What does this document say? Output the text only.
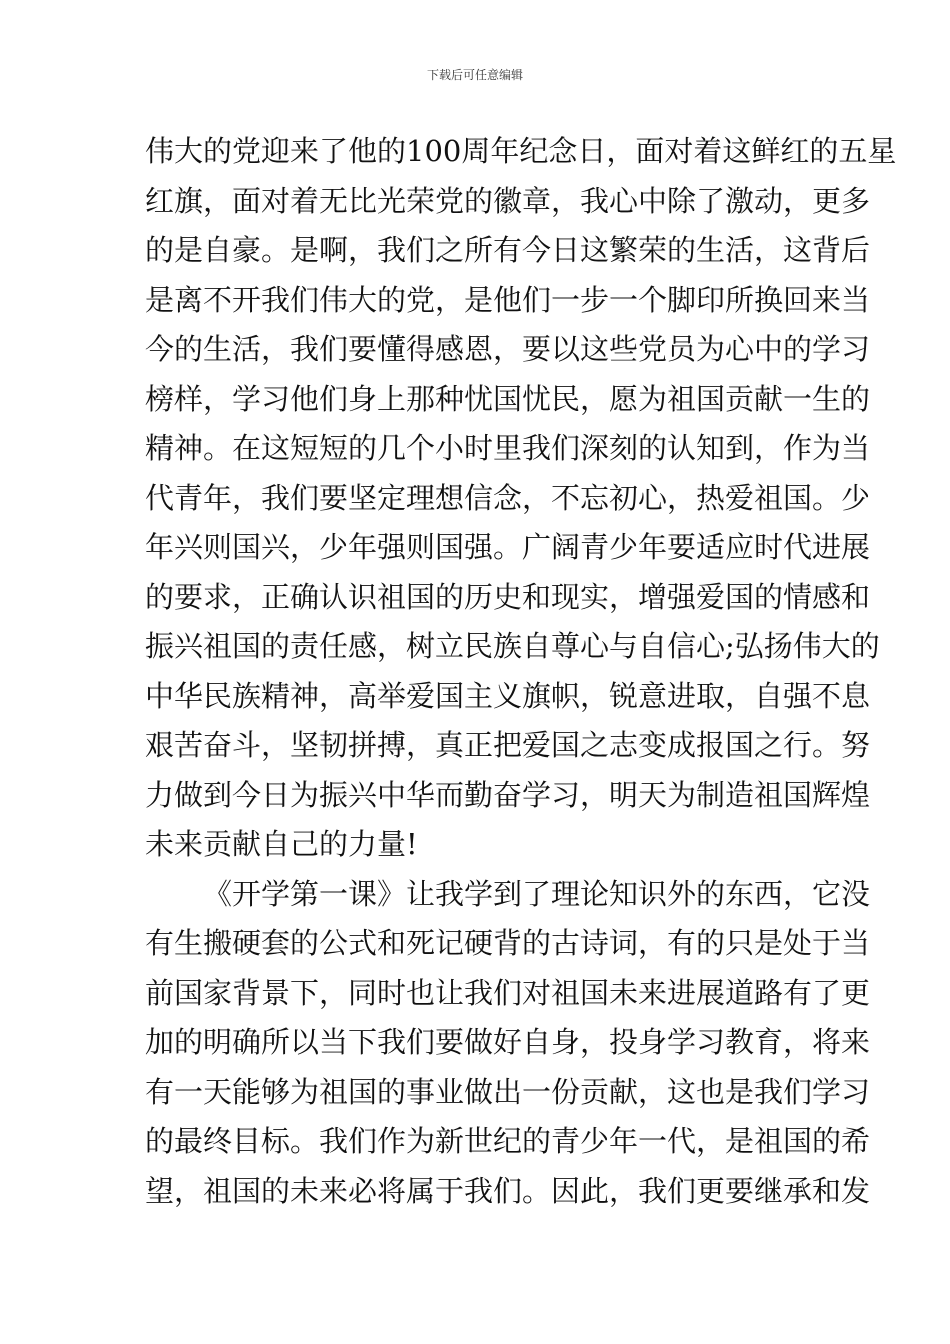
下载后可任意编辑
伟大的党迎来了他的100周年纪念日，面对着这鲜红的五星
红旗，面对着无比光荣党的徽章，我心中除了激动，更多
的是自豪。是啊，我们之所有今日这繁荣的生活，这背后
是离不开我们伟大的党，是他们一步一个脚印所换回来当
今的生活，我们要懂得感恩，要以这些党员为心中的学习
榜样，学习他们身上那种忧国忧民，愿为祖国贡献一生的
精神。在这短短的几个小时里我们深刻的认知到，作为当
代青年，我们要坚定理想信念，不忘初心，热爱祖国。少
年兴则国兴，少年强则国强。广阔青少年要适应时代进展
的要求，正确认识祖国的历史和现实，增强爱国的情感和
振兴祖国的责任感，树立民族自尊心与自信心;弘扬伟大的
中华民族精神，高举爱国主义旗帜，锐意进取，自强不息
艰苦奋斗，坚韧拼搏，真正把爱国之志变成报国之行。努
力做到今日为振兴中华而勤奋学习，明天为制造祖国辉煌
未来贡献自己的力量!
《开学第一课》让我学到了理论知识外的东西，它没
有生搬硬套的公式和死记硬背的古诗词，有的只是处于当
前国家背景下，同时也让我们对祖国未来进展道路有了更
加的明确所以当下我们要做好自身，投身学习教育，将来
有一天能够为祖国的事业做出一份贡献，这也是我们学习
的最终目标。我们作为新世纪的青少年一代，是祖国的希
望，祖国的未来必将属于我们。因此，我们更要继承和发
